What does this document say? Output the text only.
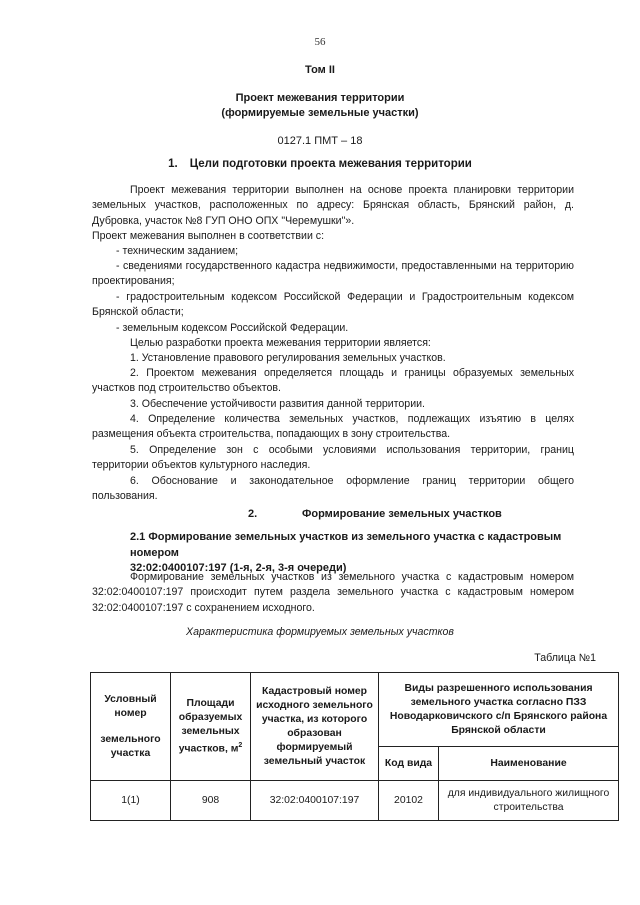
56
Том II
Проект межевания территории
(формируемые земельные участки)
0127.1 ПМТ – 18
1. Цели подготовки проекта межевания территории
Проект межевания территории выполнен на основе проекта планировки территории земельных участков, расположенных по адресу: Брянская область, Брянский район, д. Дубровка, участок №8 ГУП ОНО ОПХ "Черемушки"».
Проект межевания выполнен в соответствии с:
- техническим заданием;
- сведениями государственного кадастра недвижимости, предоставленными на территорию проектирования;
- градостроительным кодексом Российской Федерации и Градостроительным кодексом Брянской области;
- земельным кодексом Российской Федерации.
Целью разработки проекта межевания территории является:
1. Установление правового регулирования земельных участков.
2. Проектом межевания определяется площадь и границы образуемых земельных участков под строительство объектов.
3. Обеспечение устойчивости развития данной территории.
4. Определение количества земельных участков, подлежащих изъятию в целях размещения объекта строительства, попадающих в зону строительства.
5. Определение зон с особыми условиями использования территории, границ территории объектов культурного наследия.
6. Обоснование и законодательное оформление границ территории общего пользования.
2.	Формирование земельных участков
2.1 Формирование земельных участков из земельного участка с кадастровым номером
32:02:0400107:197 (1-я, 2-я, 3-я очереди)
Формирование земельных участков из земельного участка с кадастровым номером 32:02:0400107:197 происходит путем раздела земельного участка с кадастровым номером 32:02:0400107:197 с сохранением исходного.
Характеристика формируемых земельных участков
Таблица №1
Условный
номер
земельного
участка	Площади образуемых земельных участков, $м^2$	Кадастровый номер исходного земельного участка, из которого образован формируемый земельный участок	Виды разрешенного использования земельного участка согласно ПЗЗ Новодарковичского с/п Брянского района Брянской области	
			Код вида	Наименование
1(1)	908	32:02:0400107:197	20102	для индивидуального жилищного строительства
